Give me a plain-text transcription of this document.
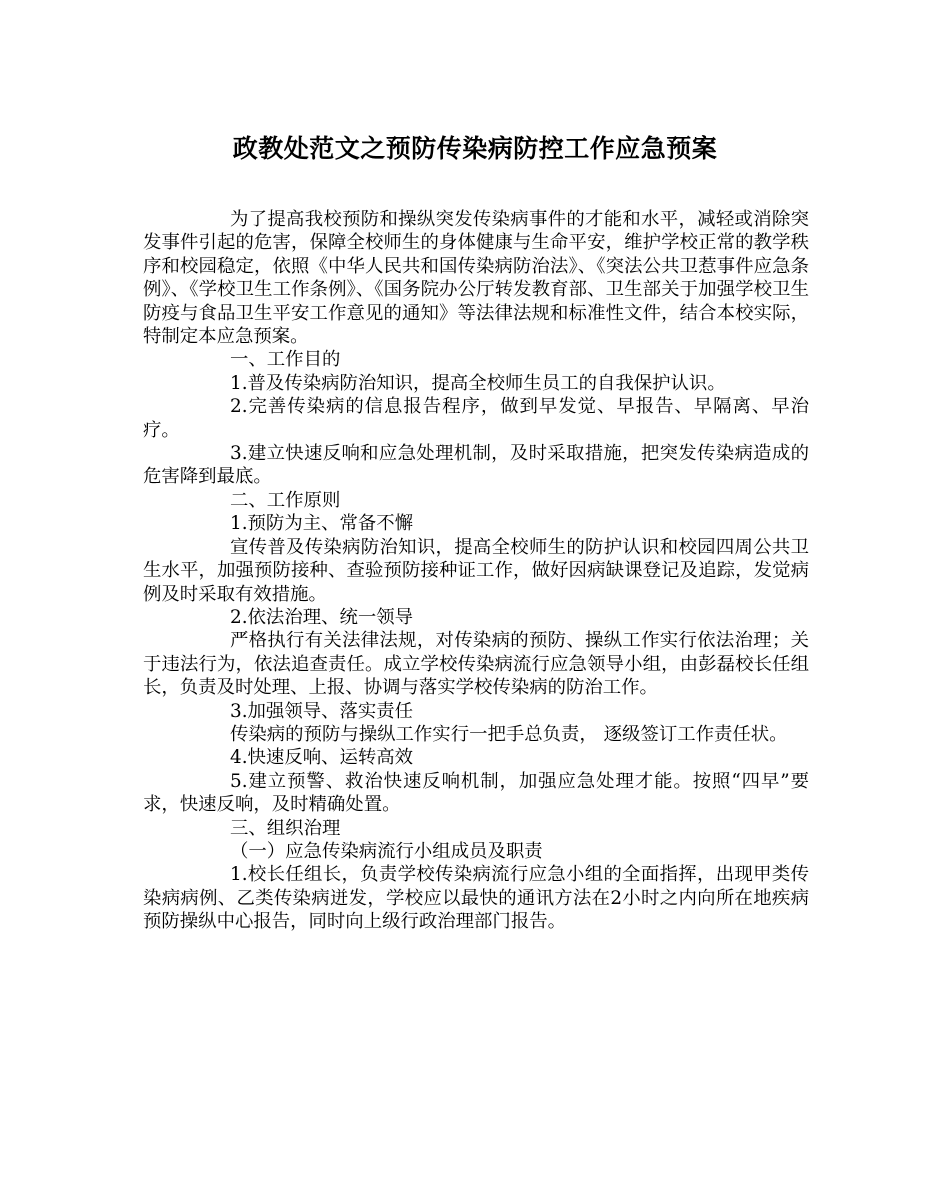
政教处范文之预防传染病防控工作应急预案

为了提高我校预防和操纵突发传染病事件的才能和水平，减轻或消除突发事件引起的危害，保障全校师生的身体健康与生命平安，维护学校正常的教学秩序和校园稳定，依照《中华人民共和国传染病防治法》、《突法公共卫惹事件应急条例》、《学校卫生工作条例》、《国务院办公厅转发教育部、卫生部关于加强学校卫生防疫与食品卫生平安工作意见的通知》等法律法规和标准性文件，结合本校实际，特制定本应急预案。

一、工作目的

1.普及传染病防治知识，提高全校师生员工的自我保护认识。

2.完善传染病的信息报告程序，做到早发觉、早报告、早隔离、早治疗。

3.建立快速反响和应急处理机制，及时采取措施，把突发传染病造成的危害降到最底。

二、工作原则

1.预防为主、常备不懈

宣传普及传染病防治知识，提高全校师生的防护认识和校园四周公共卫生水平，加强预防接种、查验预防接种证工作，做好因病缺课登记及追踪，发觉病例及时采取有效措施。

2.依法治理、统一领导

严格执行有关法律法规，对传染病的预防、操纵工作实行依法治理；关于违法行为，依法追查责任。成立学校传染病流行应急领导小组，由彭磊校长任组长，负责及时处理、上报、协调与落实学校传染病的防治工作。

3.加强领导、落实责任

传染病的预防与操纵工作实行一把手总负责， 逐级签订工作责任状。

4.快速反响、运转高效

5.建立预警、救治快速反响机制，加强应急处理才能。按照“四早”要求，快速反响，及时精确处置。

三、组织治理

（一）应急传染病流行小组成员及职责

1.校长任组长，负责学校传染病流行应急小组的全面指挥，出现甲类传染病病例、乙类传染病迸发，学校应以最快的通讯方法在2小时之内向所在地疾病预防操纵中心报告，同时向上级行政治理部门报告。
